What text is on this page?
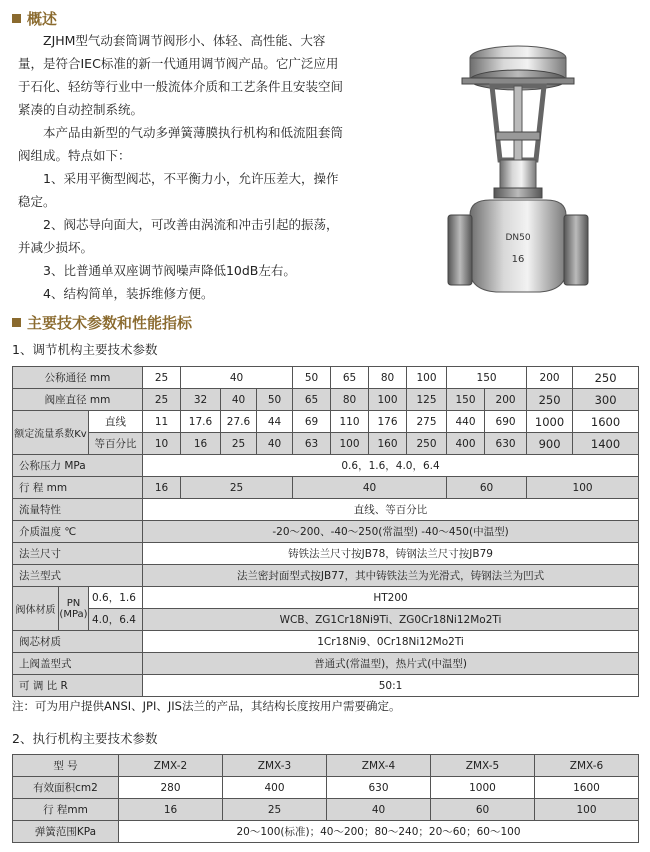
概述

ZJHM型气动套筒调节阀形小、体轻、高性能、大容量，是符合IEC标准的新一代通用调节阀产品。它广泛应用于石化、轻纺等行业中一般流体介质和工艺条件且安装空间紧凑的自动控制系统。

本产品由新型的气动多弹簧薄膜执行机构和低流阻套筒阀组成。特点如下：

1、采用平衡型阀芯，不平衡力小，允许压差大，操作稳定。

2、阀芯导向面大，可改善由涡流和冲击引起的振荡，并减少损坏。

3、比普通单双座调节阀噪声降低10dB左右。

4、结构简单，装拆维修方便。

DN50
16
主要技术参数和性能指标
1、调节机构主要技术参数
公称通径 mm			25	40			50	65	80	100	150		200	250
阀座直径 mm			25	32	40	50	65	80	100	125	150	200	250	300
额定流量系数Kv		直线	11	17.6	27.6	44	69	110	176	275	440	690	1000	1600
		等百分比	10	16	25	40	63	100	160	250	400	630	900	1400
公称压力 MPa			0.6，1.6，4.0，6.4											
行 程 mm			16	25			40				60		100	
流量特性			直线、等百分比											
介质温度 ℃			-20～200、-40～250(常温型) -40～450(中温型)											
法兰尺寸			铸铁法兰尺寸按JB78，铸钢法兰尺寸按JB79											
法兰型式			法兰密封面型式按JB77，其中铸铁法兰为光滑式，铸钢法兰为凹式											
阀体材质	PN (MPa)	0.6，1.6	HT200											
		4.0，6.4	WCB、ZG1Cr18Ni9Ti、ZG0Cr18Ni12Mo2Ti											
阀芯材质			1Cr18Ni9、0Cr18Ni12Mo2Ti											
上阀盖型式			普通式(常温型)，热片式(中温型)											
可 调 比 R			50:1											
注：可为用户提供ANSI、JPI、JIS法兰的产品，其结构长度按用户需要确定。
2、执行机构主要技术参数
型 号	ZMX-2	ZMX-3	ZMX-4	ZMX-5	ZMX-6
有效面积cm2	280	400	630	1000	1600
行 程mm	16	25	40	60	100
弹簧范围KPa	20～100(标准)；40～200；80～240；20～60；60～100				
